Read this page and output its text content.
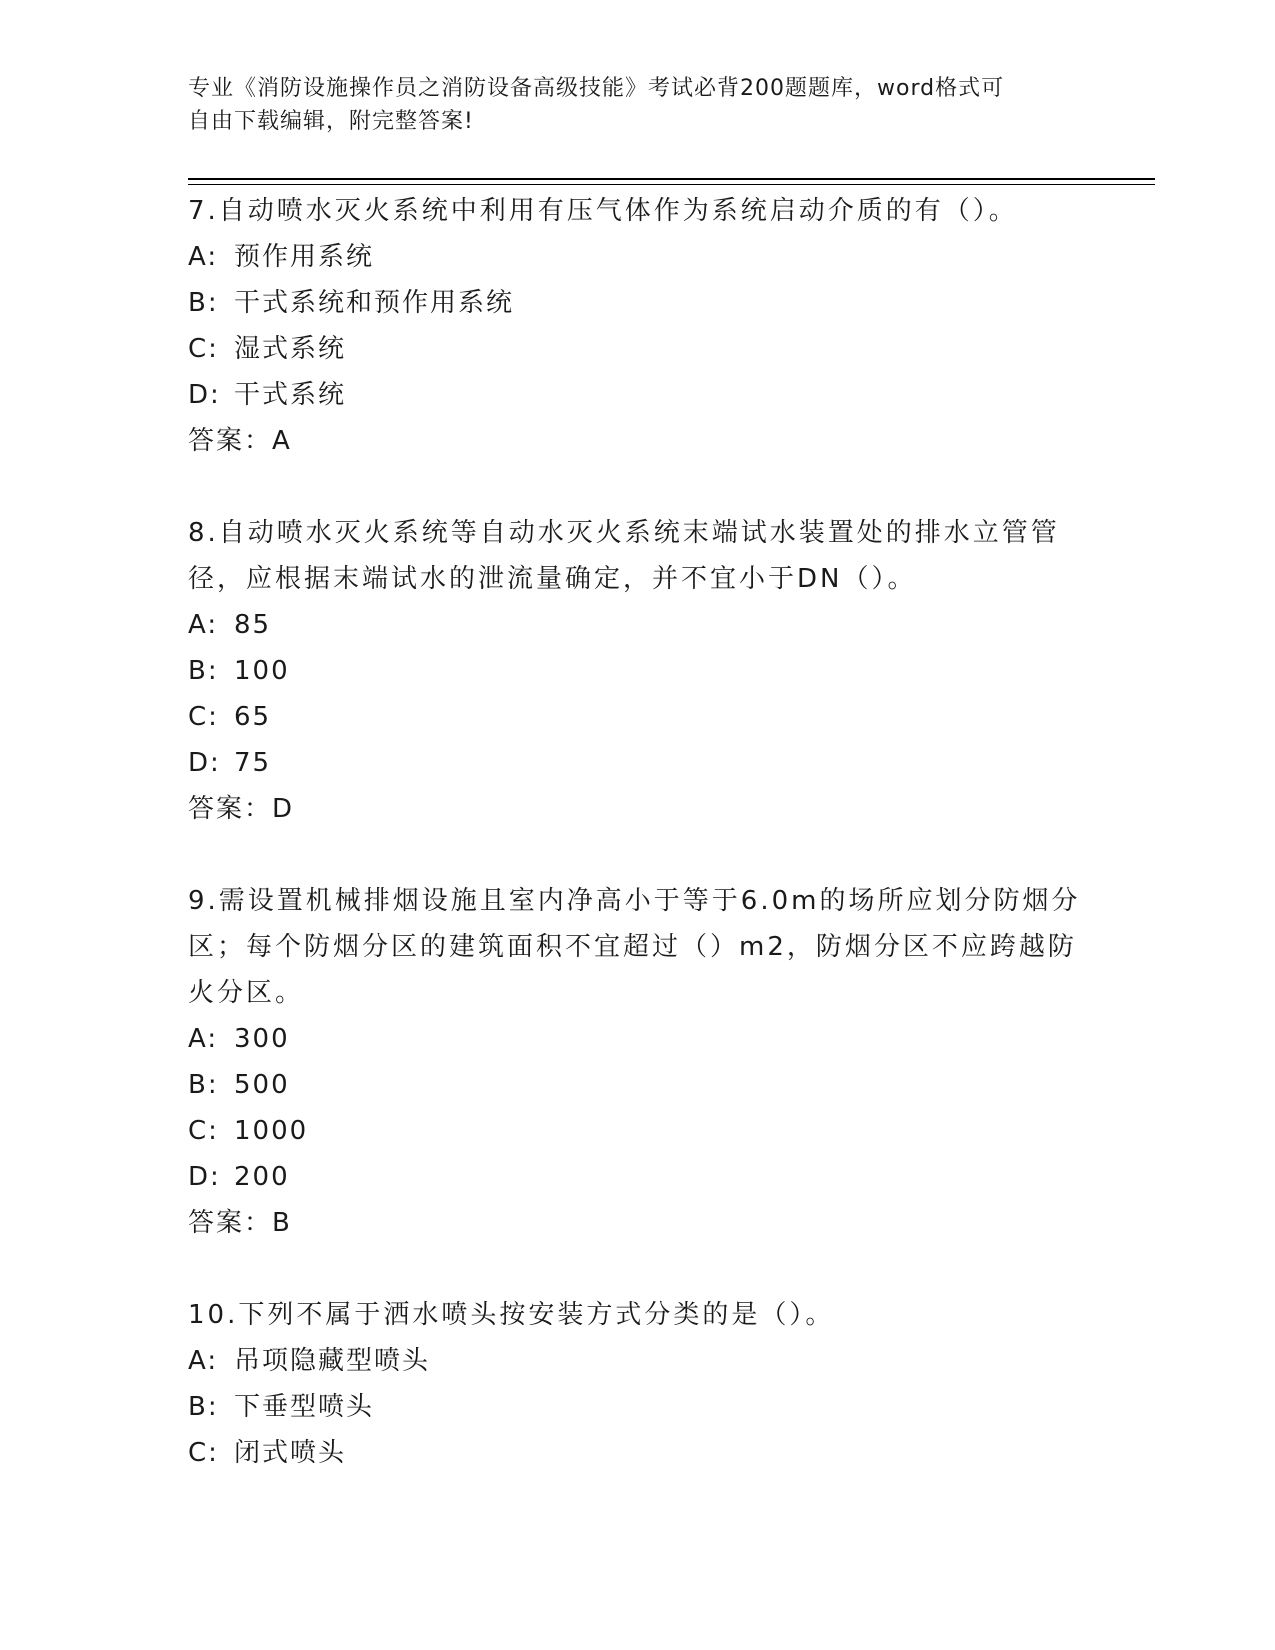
专业《消防设施操作员之消防设备高级技能》考试必背200题题库，word格式可
自由下载编辑，附完整答案!
7.自动喷水灭火系统中利用有压气体作为系统启动介质的有（）。
A: 预作用系统
B: 干式系统和预作用系统
C: 湿式系统
D: 干式系统
答案：A
8.自动喷水灭火系统等自动水灭火系统末端试水装置处的排水立管管径，应根据末端试水的泄流量确定，并不宜小于DN（）。
A: 85
B: 100
C: 65
D: 75
答案：D
9.需设置机械排烟设施且室内净高小于等于6.0m的场所应划分防烟分区；每个防烟分区的建筑面积不宜超过（）m2，防烟分区不应跨越防火分区。
A: 300
B: 500
C: 1000
D: 200
答案：B
10.下列不属于洒水喷头按安装方式分类的是（）。
A: 吊项隐藏型喷头
B: 下垂型喷头
C: 闭式喷头
